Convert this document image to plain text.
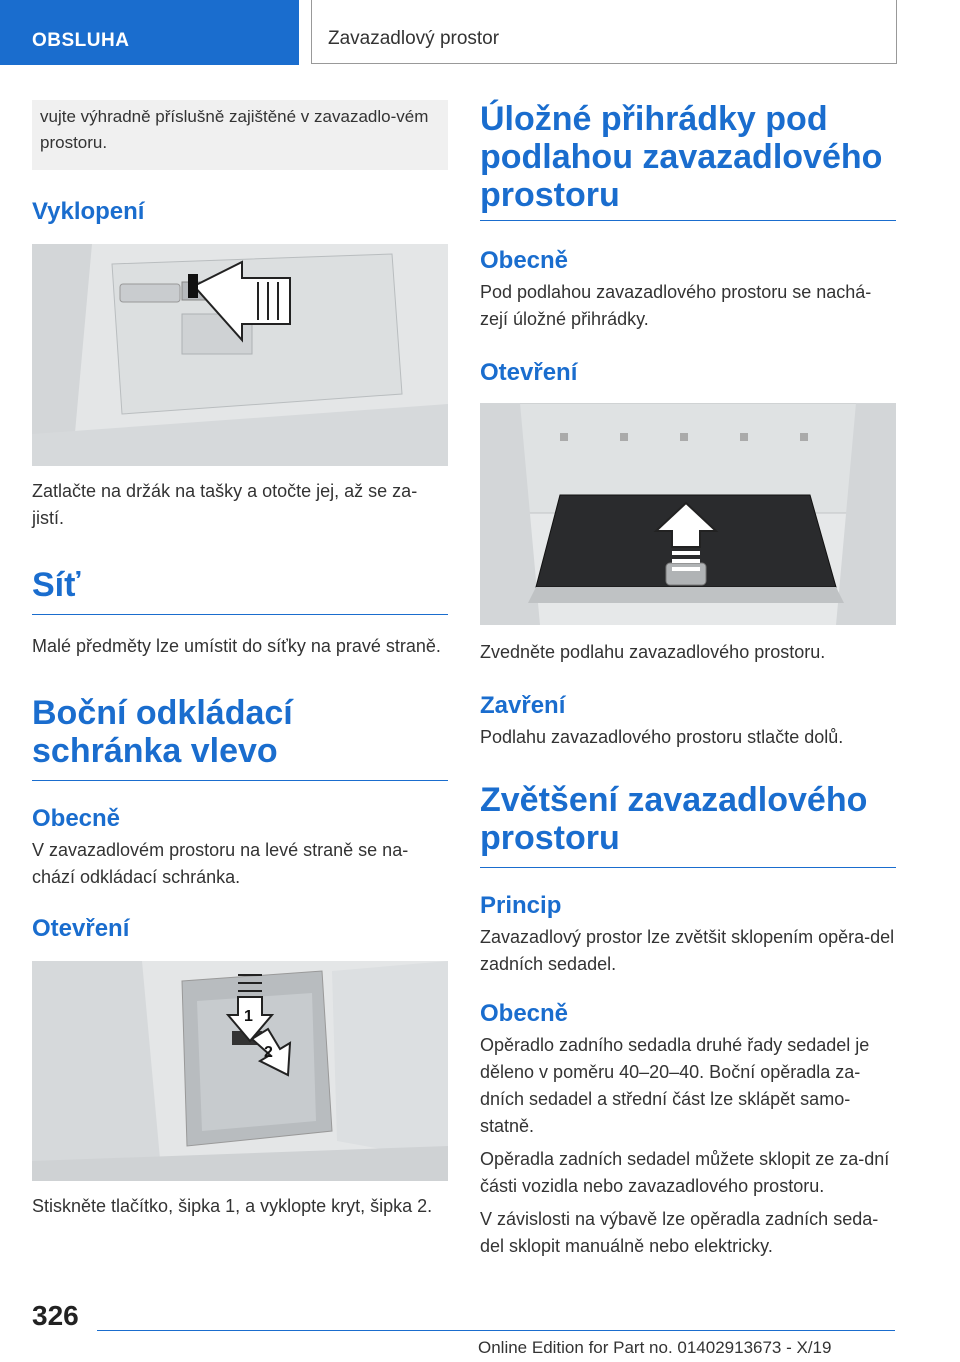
OBSLUHA	Zavazadlový prostor
vujte výhradně příslušně zajištěné v zavazadlo-vém prostoru.
Vyklopení
Zatlačte na držák na tašky a otočte jej, až se za-jistí.
Síť
Malé předměty lze umístit do síťky na pravé straně.
Boční odkládací schránka vlevo
Obecně
V zavazadlovém prostoru na levé straně se na-chází odkládací schránka.
Otevření
1
2
Stiskněte tlačítko, šipka 1, a vyklopte kryt, šipka 2.
Úložné přihrádky pod podlahou zavazadlového prostoru
Obecně
Pod podlahou zavazadlového prostoru se nachá-zejí úložné přihrádky.
Otevření
Zvedněte podlahu zavazadlového prostoru.
Zavření
Podlahu zavazadlového prostoru stlačte dolů.
Zvětšení zavazadlového prostoru
Princip
Zavazadlový prostor lze zvětšit sklopením opěra-del zadních sedadel.
Obecně
Opěradlo zadního sedadla druhé řady sedadel je děleno v poměru 40–20–40. Boční opěradla za-dních sedadel a střední část lze sklápět samo-statně.
Opěradla zadních sedadel můžete sklopit ze za-dní části vozidla nebo zavazadlového prostoru.
V závislosti na výbavě lze opěradla zadních seda-del sklopit manuálně nebo elektricky.
326
Online Edition for Part no. 01402913673 - X/19
